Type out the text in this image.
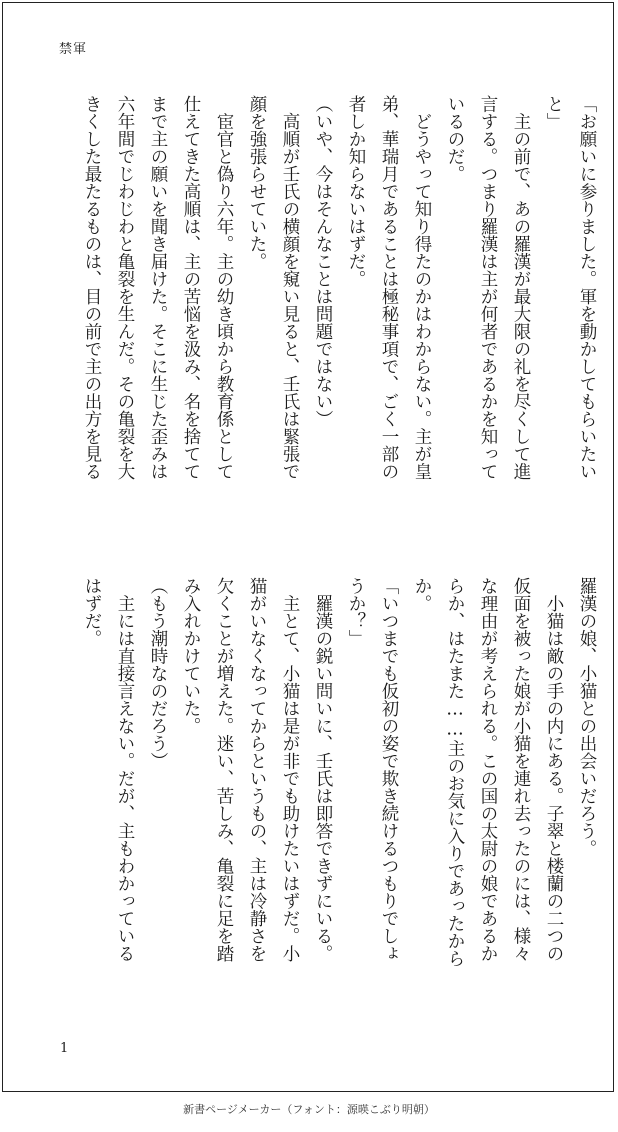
禁軍
「お願いに参りました。軍を動かしてもらいたい
と」
　主の前で、あの羅漢が最大限の礼を尽くして進
言する。つまり羅漢は主が何者であるかを知って
いるのだ。
　どうやって知り得たのかはわからない。主が皇
弟、華瑞月であることは極秘事項で、ごく一部の
者しか知らないはずだ。
（いや、今はそんなことは問題ではない）
　高順が壬氏の横顔を窺い見ると、壬氏は緊張で
顔を強張らせていた。
　宦官と偽り六年。主の幼き頃から教育係として
仕えてきた高順は、主の苦悩を汲み、名を捨てて
まで主の願いを聞き届けた。そこに生じた歪みは
六年間でじわじわと亀裂を生んだ。その亀裂を大
きくした最たるものは、目の前で主の出方を見る
羅漢の娘、小猫との出会いだろう。
　小猫は敵の手の内にある。子翠と楼蘭の二つの
仮面を被った娘が小猫を連れ去ったのには、様々
な理由が考えられる。この国の太尉の娘であるか
らか、はたまた……主のお気に入りであったから
か。
「いつまでも仮初の姿で欺き続けるつもりでしょ
うか？」
　羅漢の鋭い問いに、壬氏は即答できずにいる。
　主とて、小猫は是が非でも助けたいはずだ。小
猫がいなくなってからというもの、主は冷静さを
欠くことが増えた。迷い、苦しみ、亀裂に足を踏
み入れかけていた。
（もう潮時なのだろう）
　主には直接言えない。だが、主もわかっている
はずだ。
1
新書ページメーカー（フォント：源暎こぶり明朝）
